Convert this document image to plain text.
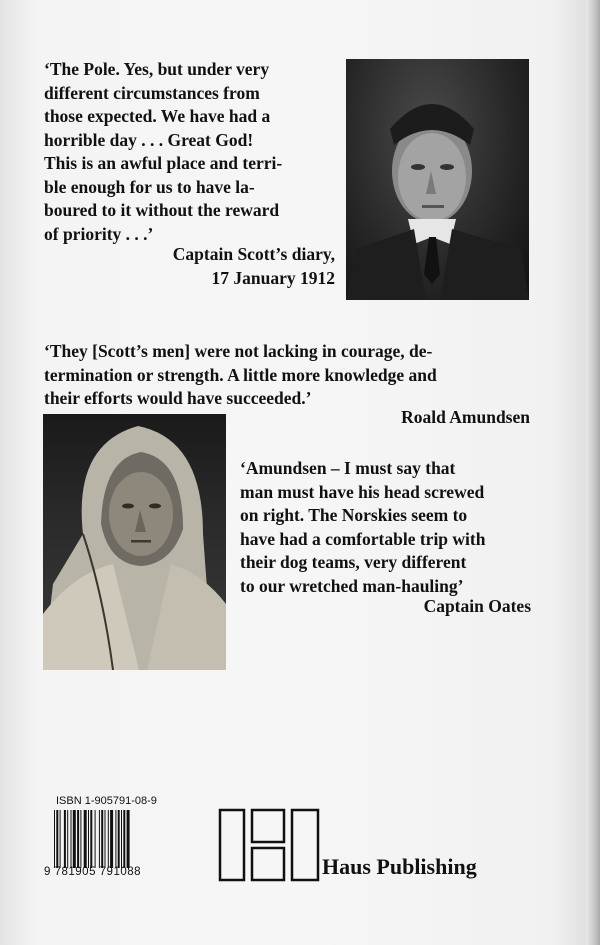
‘The Pole. Yes, but under very
different circumstances from
those expected. We have had a
horrible day . . . Great God!
This is an awful place and terri-
ble enough for us to have la-
boured to it without the reward
of priority . . .’

Captain Scott’s diary,
17 January 1912

‘They [Scott’s men] were not lacking in courage, de-
termination or strength. A little more knowledge and
their efforts would have succeeded.’

Roald Amundsen

‘Amundsen – I must say that
man must have his head screwed
on right. The Norskies seem to
have had a comfortable trip with
their dog teams, very different
to our wretched man-hauling’

Captain Oates

ISBN 1-905791-08-9
9 781905 791088	Haus Publishing
